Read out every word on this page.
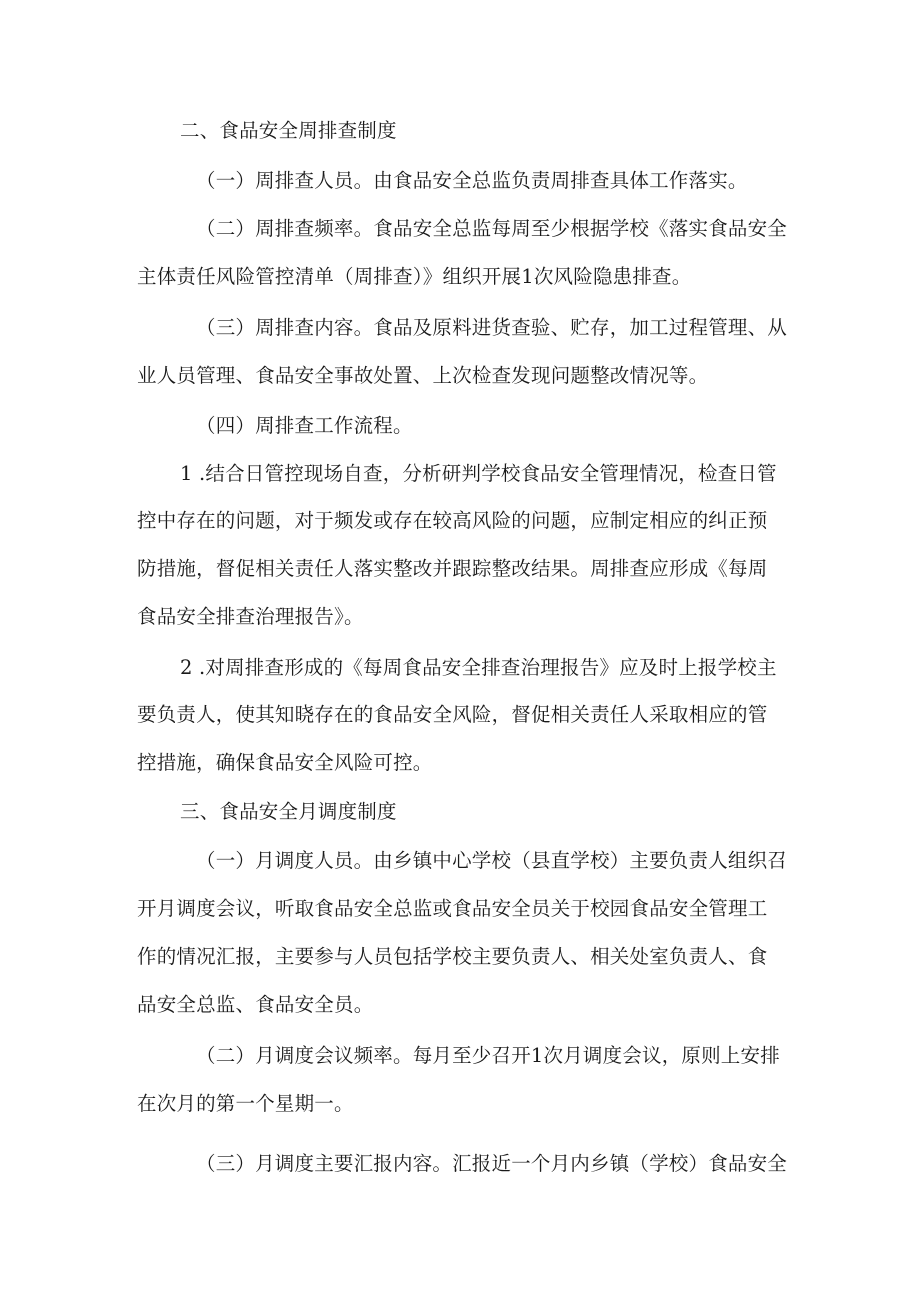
二、食品安全周排查制度
（一）周排查人员。由食品安全总监负责周排查具体工作落实。
（二）周排查频率。食品安全总监每周至少根据学校《落实食品安全
主体责任风险管控清单（周排查）》组织开展1次风险隐患排查。
（三）周排查内容。食品及原料进货查验、贮存，加工过程管理、从
业人员管理、食品安全事故处置、上次检查发现问题整改情况等。
（四）周排查工作流程。
1 .结合日管控现场自查，分析研判学校食品安全管理情况，检查日管
控中存在的问题，对于频发或存在较高风险的问题，应制定相应的纠正预
防措施，督促相关责任人落实整改并跟踪整改结果。周排查应形成《每周
食品安全排查治理报告》。
2 .对周排查形成的《每周食品安全排查治理报告》应及时上报学校主
要负责人，使其知晓存在的食品安全风险，督促相关责任人采取相应的管
控措施，确保食品安全风险可控。
三、食品安全月调度制度
（一）月调度人员。由乡镇中心学校（县直学校）主要负责人组织召
开月调度会议，听取食品安全总监或食品安全员关于校园食品安全管理工
作的情况汇报，主要参与人员包括学校主要负责人、相关处室负责人、食
品安全总监、食品安全员。
（二）月调度会议频率。每月至少召开1次月调度会议，原则上安排
在次月的第一个星期一。
（三）月调度主要汇报内容。汇报近一个月内乡镇（学校）食品安全
